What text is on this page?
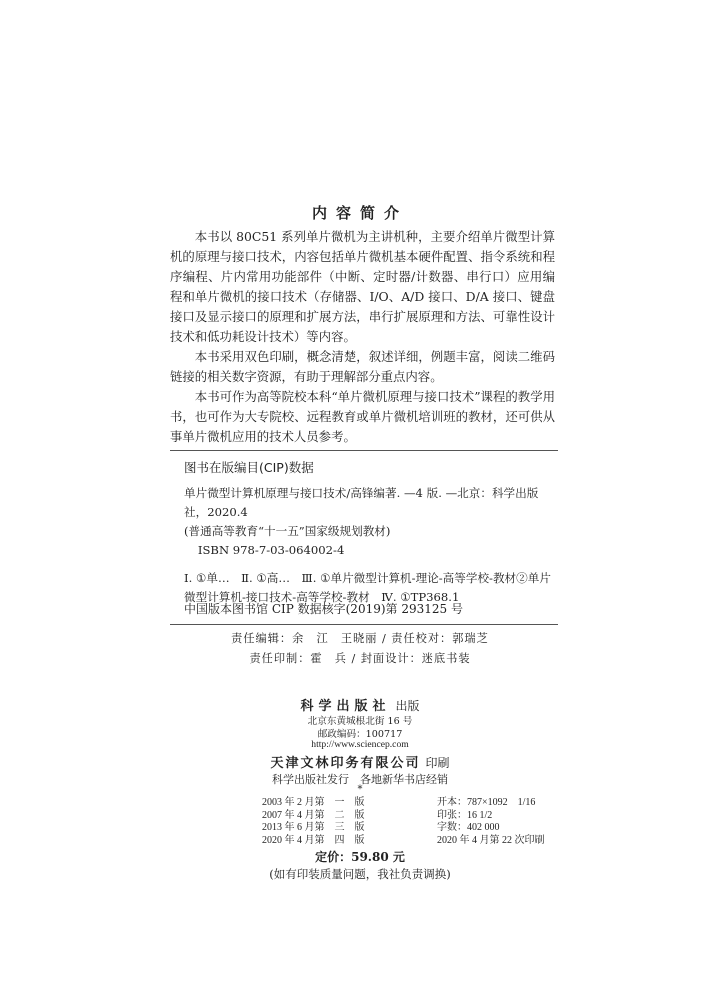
内容简介

本书以 80C51 系列单片微机为主讲机种，主要介绍单片微型计算机的原理与接口技术，内容包括单片微机基本硬件配置、指令系统和程序编程、片内常用功能部件（中断、定时器/计数器、串行口）应用编程和单片微机的接口技术（存储器、I/O、A/D 接口、D/A 接口、键盘接口及显示接口的原理和扩展方法，串行扩展原理和方法、可靠性设计技术和低功耗设计技术）等内容。

本书采用双色印刷，概念清楚，叙述详细，例题丰富，阅读二维码链接的相关数字资源，有助于理解部分重点内容。

本书可作为高等院校本科“单片微机原理与接口技术”课程的教学用书，也可作为大专院校、远程教育或单片微机培训班的教材，还可供从事单片微机应用的技术人员参考。

图书在版编目(CIP)数据
单片微型计算机原理与接口技术/高锋编著. —4 版. —北京：科学出版社，2020.4
(普通高等教育“十一五”国家级规划教材)
ISBN 978-7-03-064002-4
Ⅰ. ①单…　Ⅱ. ①高…　Ⅲ. ①单片微型计算机-理论-高等学校-教材②单片微型计算机-接口技术-高等学校-教材　Ⅳ. ①TP368.1
中国版本图书馆 CIP 数据核字(2019)第 293125 号
责任编辑：余　江　王晓丽 / 责任校对：郭瑞芝
责任印制：霍　兵 / 封面设计：迷底书装
科学出版社 出版
北京东黄城根北街 16 号
邮政编码：100717
http://www.sciencep.com
天津文林印务有限公司 印刷
科学出版社发行　各地新华书店经销
*
2003 年 2 月第　一　版	开本：787×1092　1/16
2007 年 4 月第　二　版	印张：16 1/2
2013 年 6 月第　三　版	字数：402 000
2020 年 4 月第　四　版	2020 年 4 月第 22 次印刷
定价：59.80 元
(如有印装质量问题，我社负责调换)
